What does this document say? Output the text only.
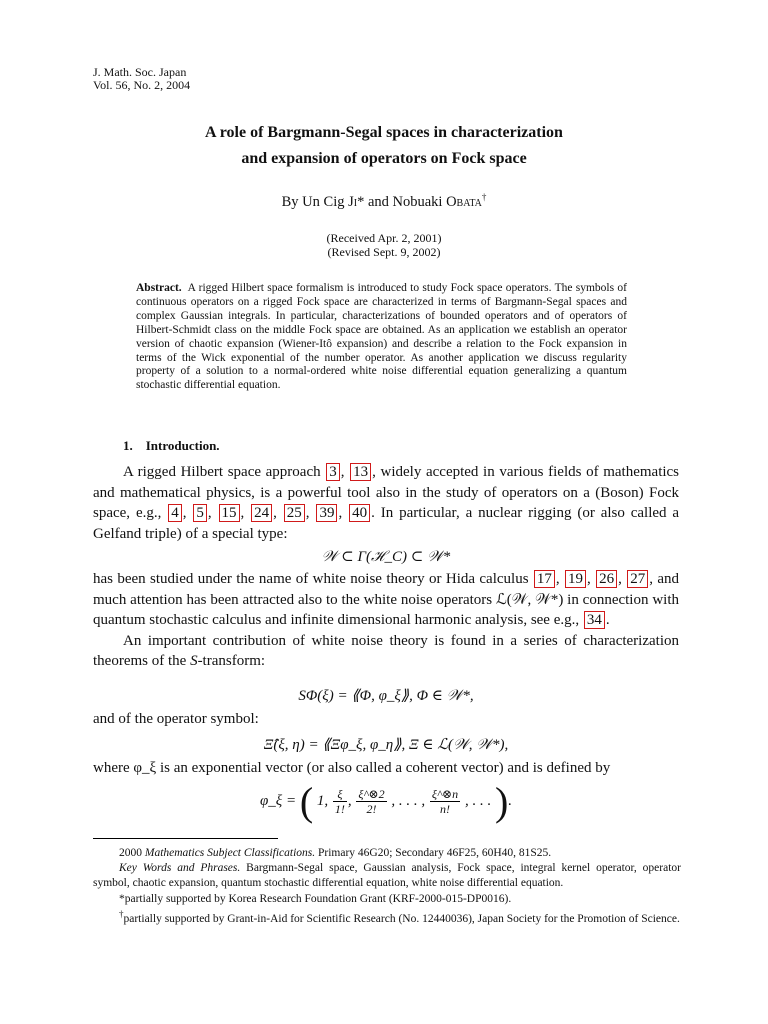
J. Math. Soc. Japan
Vol. 56, No. 2, 2004
A role of Bargmann-Segal spaces in characterization
and expansion of operators on Fock space
By Un Cig Ji* and Nobuaki Obata†
(Received Apr. 2, 2001)
(Revised Sept. 9, 2002)
Abstract. A rigged Hilbert space formalism is introduced to study Fock space operators. The symbols of continuous operators on a rigged Fock space are characterized in terms of Bargmann-Segal spaces and complex Gaussian integrals. In particular, characterizations of bounded operators and of operators of Hilbert-Schmidt class on the middle Fock space are obtained. As an application we establish an operator version of chaotic expansion (Wiener-Itô expansion) and describe a relation to the Fock expansion in terms of the Wick exponential of the number operator. As another application we discuss regularity property of a solution to a normal-ordered white noise differential equation generalizing a quantum stochastic differential equation.
1. Introduction.

A rigged Hilbert space approach 3 , 13 , widely accepted in various fields of mathematics and mathematical physics, is a powerful tool also in the study of operators on a (Boson) Fock space, e.g., 4 , 5 , 15 , 24 , 25 , 39 , 40 . In particular, a nuclear rigging (or also called a Gelfand triple) of a special type:

𝒲 ⊂ Γ(ℋ_C) ⊂ 𝒲*

has been studied under the name of white noise theory or Hida calculus 17 , 19 , 26 , 27 , and much attention has been attracted also to the white noise operators ℒ(𝒲, 𝒲*) in connection with quantum stochastic calculus and infinite dimensional harmonic analysis, see e.g., 34 .

An important contribution of white noise theory is found in a series of characterization theorems of the S-transform:

SΦ(ξ) = ⟪Φ, φ_ξ⟫, Φ ∈ 𝒲*,

and of the operator symbol:

Ξ̂(ξ, η) = ⟪Ξφ_ξ, φ_η⟫, Ξ ∈ ℒ(𝒲, 𝒲*),

where φ_ξ is an exponential vector (or also called a coherent vector) and is defined by

φ_ξ = ( 1, $\frac{\xi}{1!}$ , $\frac{\xi\^{}\otimes 2}{2!}$ , . . . , $\frac{\xi\^{}\otimes n}{n!}$ , . . . ).

2000 Mathematics Subject Classifications. Primary 46G20; Secondary 46F25, 60H40, 81S25.

Key Words and Phrases. Bargmann-Segal space, Gaussian analysis, Fock space, integral kernel operator, operator symbol, chaotic expansion, quantum stochastic differential equation, white noise differential equation.

*partially supported by Korea Research Foundation Grant (KRF-2000-015-DP0016).

†partially supported by Grant-in-Aid for Scientific Research (No. 12440036), Japan Society for the Promotion of Science.
